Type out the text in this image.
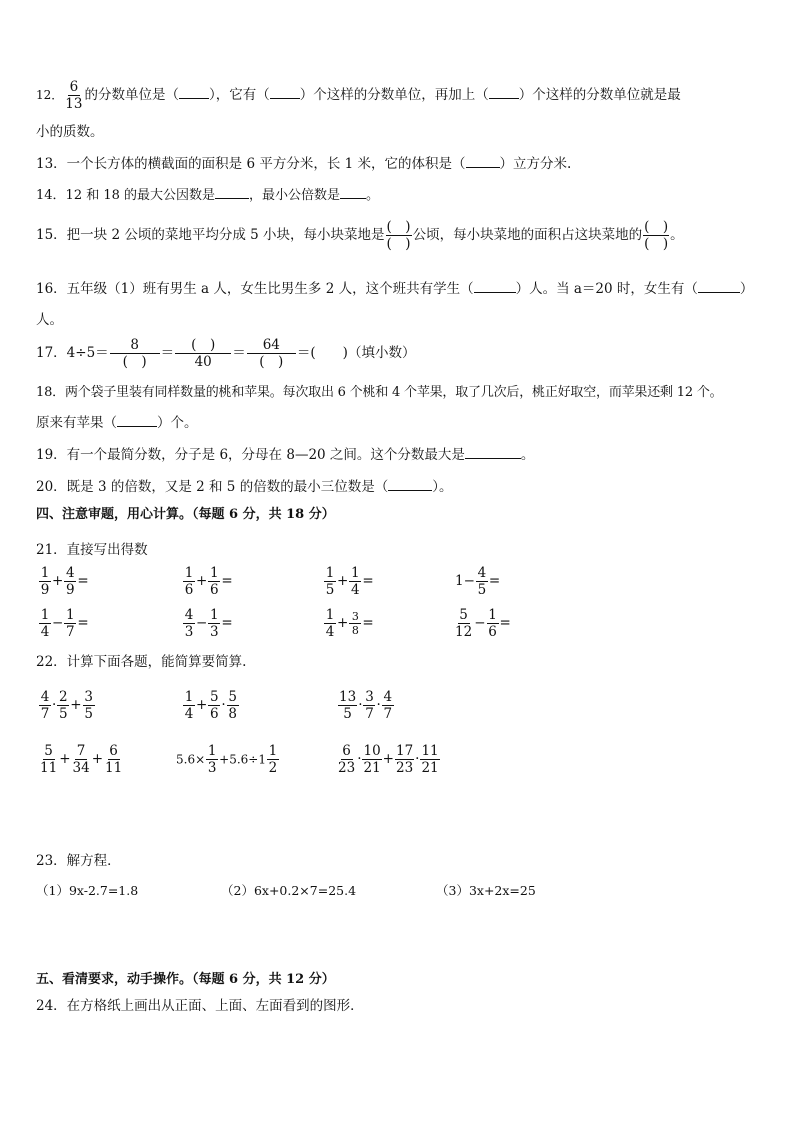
12． $\frac{6}{13}$ 的分数单位是（ ），它有（ ）个这样的分数单位，再加上（ ）个这样的分数单位就是最
小的质数。
13．一个长方体的横截面的面积是 6 平方分米，长 1 米，它的体积是（	）立方分米.
14．12 和 18 的最大公因数是	，最小公倍数是 。
15．把一块 2 公顷的菜地平均分成 5 小块，每小块菜地是 $\frac{( )}{( )}$ 公顷，每小块菜地的面积占这块菜地的 $\frac{( )}{( )}$ 。
16．五年级（1）班有男生 a 人，女生比男生多 2 人，这个班共有学生（	）人。当 a＝20 时，女生有（	）
人。
17．$4\div 5= \frac{8}{( )} = \frac{( )}{40} = \frac{64}{( )}$ ＝(　　)（填小数）
18．两个袋子里装有同样数量的桃和苹果。每次取出 6 个桃和 4 个苹果，取了几次后，桃正好取空，而苹果还剩 12 个。
原来有苹果（	）个。
19．有一个最简分数，分子是 6，分母在 8—20 之间。这个分数最大是	。
20．既是 3 的倍数，又是 2 和 5 的倍数的最小三位数是（	）。
四、注意审题，用心计算。（每题 6 分，共 18 分）
21．直接写出得数
$\frac{1}{9} + \frac{4}{9}$ =	$\frac{1}{6} + \frac{1}{6}$ =	$\frac{1}{5} + \frac{1}{4}$ =	$1- \frac{4}{5}$ =
$\frac{1}{4} - \frac{1}{7}$ =	$\frac{4}{3} - \frac{1}{3}$ =	$\frac{1}{4} + \frac{3}{8}$ =	$\frac{5}{12} - \frac{1}{6}$ =
22．计算下面各题，能简算要简算.
$\frac{4}{7} \cdot \frac{2}{5} + \frac{3}{5}$	$\frac{1}{4} + \frac{5}{6} \cdot \frac{5}{8}$	$\frac{13}{5} \cdot \frac{3}{7} \cdot \frac{4}{7}$
$\frac{5}{11} + \frac{7}{34} + \frac{6}{11}$	$5.6\times \frac{1}{3} +5.6\div 1 \frac{1}{2}$	$\frac{6}{23} \cdot \frac{10}{21} + \frac{17}{23} \cdot \frac{11}{21}$
23．解方程．
（1）9x-2.7=1.8	（2）6x+0.2×7=25.4	（3）3x+2x=25
五、看清要求，动手操作。（每题 6 分，共 12 分）
24．在方格纸上画出从正面、上面、左面看到的图形．
